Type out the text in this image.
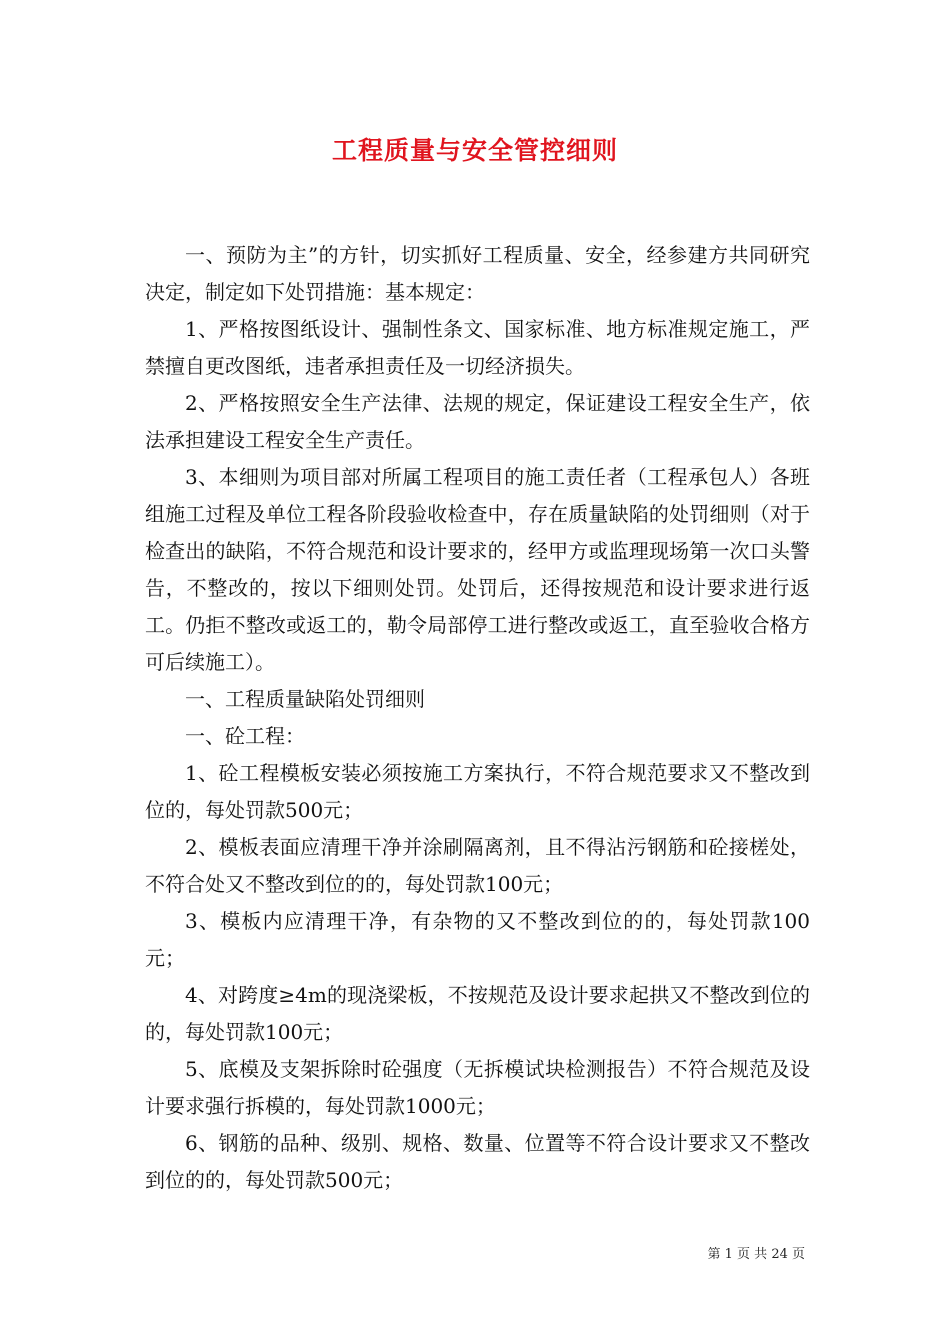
工程质量与安全管控细则

一、预防为主”的方针，切实抓好工程质量、安全，经参建方共同研究决定，制定如下处罚措施：基本规定：

1、严格按图纸设计、强制性条文、国家标准、地方标准规定施工，严禁擅自更改图纸，违者承担责任及一切经济损失。

2、严格按照安全生产法律、法规的规定，保证建设工程安全生产，依法承担建设工程安全生产责任。

3、本细则为项目部对所属工程项目的施工责任者（工程承包人）各班组施工过程及单位工程各阶段验收检查中，存在质量缺陷的处罚细则（对于检查出的缺陷，不符合规范和设计要求的，经甲方或监理现场第一次口头警告，不整改的，按以下细则处罚。处罚后，还得按规范和设计要求进行返工。仍拒不整改或返工的，勒令局部停工进行整改或返工，直至验收合格方可后续施工）。

一、工程质量缺陷处罚细则

一、砼工程：

1、砼工程模板安装必须按施工方案执行，不符合规范要求又不整改到位的，每处罚款500元；

2、模板表面应清理干净并涂刷隔离剂，且不得沾污钢筋和砼接槎处，不符合处又不整改到位的的，每处罚款100元；

3、模板内应清理干净，有杂物的又不整改到位的的，每处罚款100元；

4、对跨度≥4m的现浇梁板，不按规范及设计要求起拱又不整改到位的的，每处罚款100元；

5、底模及支架拆除时砼强度（无拆模试块检测报告）不符合规范及设计要求强行拆模的，每处罚款1000元；

6、钢筋的品种、级别、规格、数量、位置等不符合设计要求又不整改到位的的，每处罚款500元；

第 1 页 共 24 页
